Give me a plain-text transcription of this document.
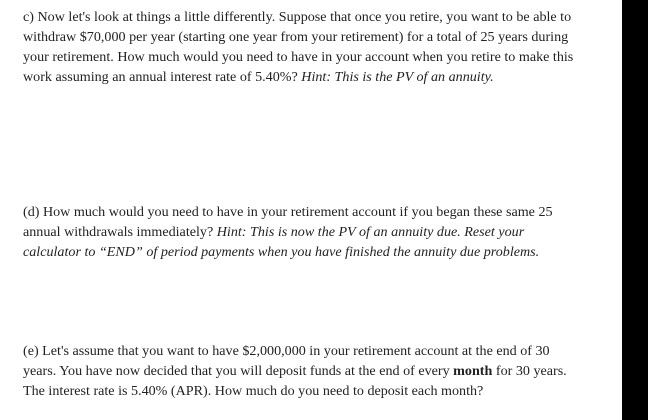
c) Now let's look at things a little differently. Suppose that once you retire, you want to be able to
withdraw $70,000 per year (starting one year from your retirement) for a total of 25 years during
your retirement. How much would you need to have in your account when you retire to make this
work assuming an annual interest rate of 5.40%? Hint: This is the PV of an annuity.
(d) How much would you need to have in your retirement account if you began these same 25
annual withdrawals immediately? Hint: This is now the PV of an annuity due. Reset your
calculator to “END” of period payments when you have finished the annuity due problems.
(e) Let's assume that you want to have $2,000,000 in your retirement account at the end of 30
years. You have now decided that you will deposit funds at the end of every month for 30 years.
The interest rate is 5.40% (APR). How much do you need to deposit each month?
